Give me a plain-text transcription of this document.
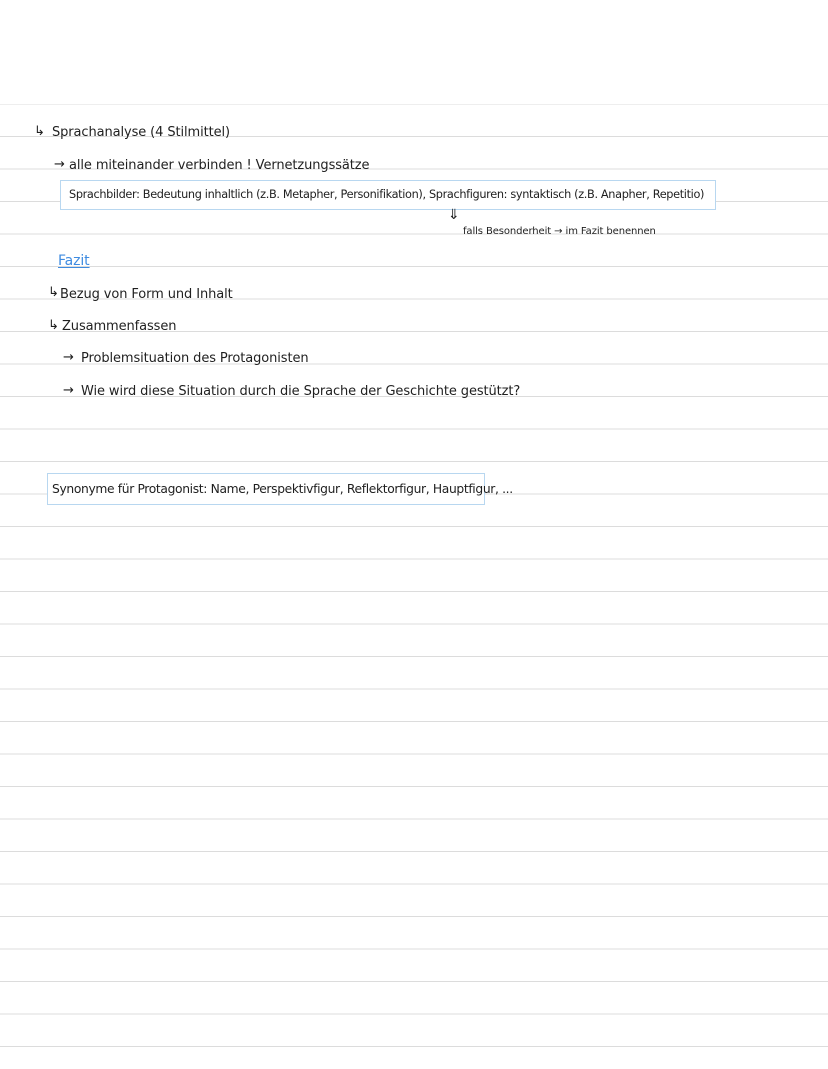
↳ Sprachanalyse (4 Stilmittel)
→ alle miteinander verbinden ! Vernetzungssätze
Sprachbilder: Bedeutung inhaltlich (z.B. Metapher, Personifikation), Sprachfiguren: syntaktisch (z.B. Anapher, Repetitio)
⇓
falls Besonderheit → im Fazit benennen
Fazit
↳ Bezug von Form und Inhalt
↳ Zusammenfassen
→ Problemsituation des Protagonisten
→ Wie wird diese Situation durch die Sprache der Geschichte gestützt?
Synonyme für Protagonist: Name, Perspektivfigur, Reflektorfigur, Hauptfigur, ...
